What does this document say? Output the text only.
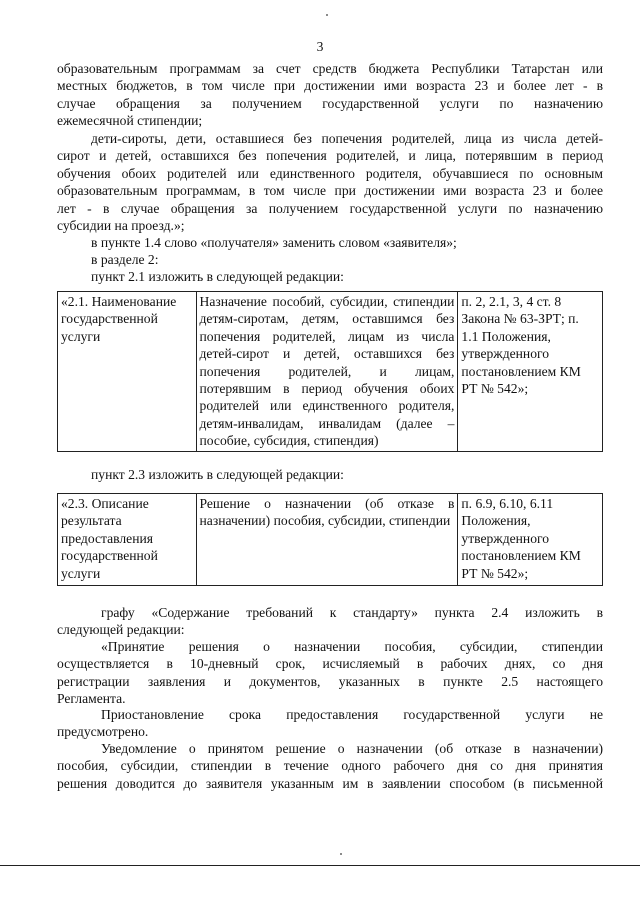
3
образовательным программам за счет средств бюджета Республики Татарстан или
местных бюджетов, в том числе при достижении ими возраста 23 и более лет - в
случае обращения за получением государственной услуги по назначению
ежемесячной стипендии;
дети-сироты, дети, оставшиеся без попечения родителей, лица из числа детей-
сирот и детей, оставшихся без попечения родителей, и лица, потерявшим в период
обучения обоих родителей или единственного родителя, обучавшиеся по основным
образовательным программам, в том числе при достижении ими возраста 23 и более
лет - в случае обращения за получением государственной услуги по назначению
субсидии на проезд.»;
в пункте 1.4 слово «получателя» заменить словом «заявителя»;
в разделе 2:
пункт 2.1 изложить в следующей редакции:
«2.1. Наименование государственной услуги	Назначение пособий, субсидии, стипендии детям-сиротам, детям, оставшимся без попечения родителей, лицам из числа детей-сирот и детей, оставшихся без попечения родителей, и лицам, потерявшим в период обучения обоих родителей или единственного родителя, детям-инвалидам, инвалидам (далее – пособие, субсидия, стипендия)	п. 2, 2.1, 3, 4 ст. 8 Закона № 63-ЗРТ; п. 1.1 Положения, утвержденного постановлением КМ РТ № 542»;
пункт 2.3 изложить в следующей редакции:
«2.3. Описание результата предоставления государственной услуги	Решение о назначении (об отказе в назначении) пособия, субсидии, стипендии	п. 6.9, 6.10, 6.11 Положения, утвержденного постановлением КМ РТ № 542»;
графу «Содержание требований к стандарту» пункта 2.4 изложить в
следующей редакции:
«Принятие решения о назначении пособия, субсидии, стипендии
осуществляется в 10-дневный срок, исчисляемый в рабочих днях, со дня
регистрации заявления и документов, указанных в пункте 2.5 настоящего
Регламента.
Приостановление срока предоставления государственной услуги не
предусмотрено.
Уведомление о принятом решение о назначении (об отказе в назначении)
пособия, субсидии, стипендии в течение одного рабочего дня со дня принятия
решения доводится до заявителя указанным им в заявлении способом (в письменной
